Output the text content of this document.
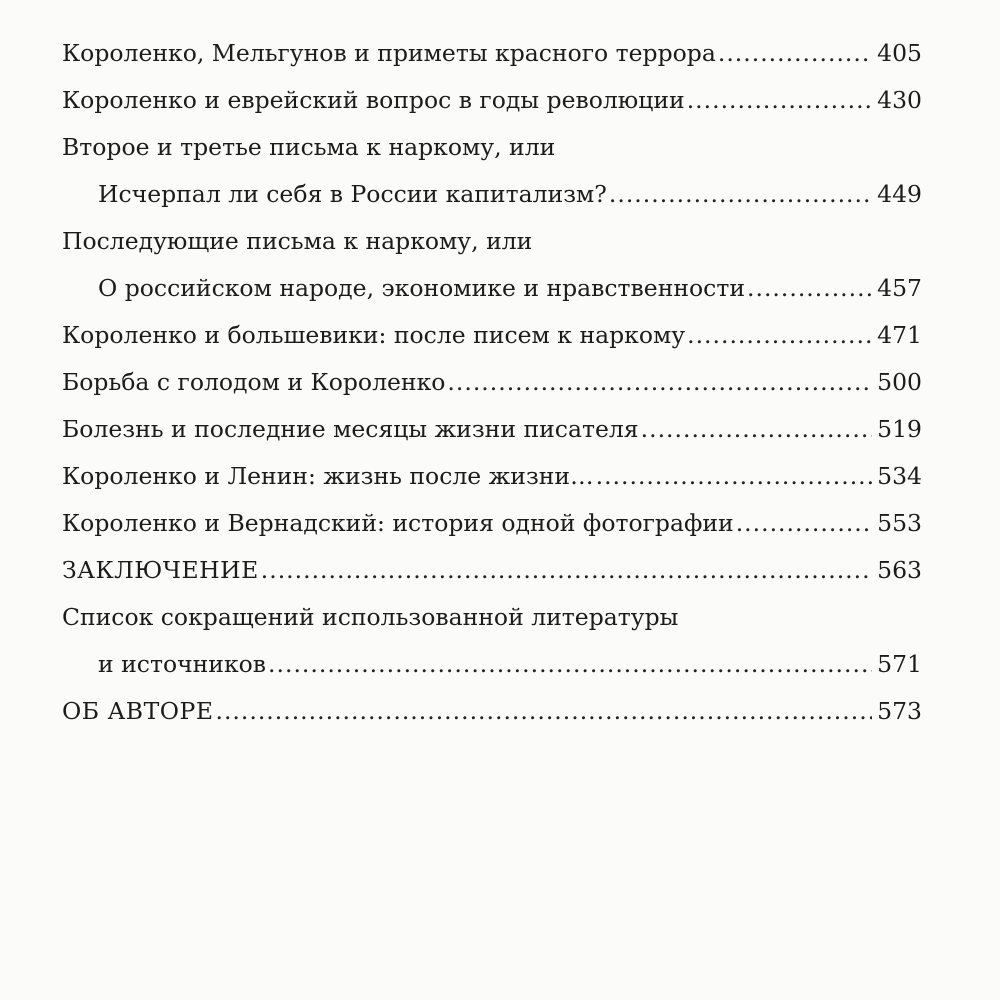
Короленко, Мельгунов и приметы красного террора .....	405
Короленко и еврейский вопрос в годы революции .....	430
Второе и третье письма к наркому, или
Исчерпал ли себя в России капитализм? .....	449
Последующие письма к наркому, или
О российском народе, экономике и нравственности .....	457
Короленко и большевики: после писем к наркому .....	471
Борьба с голодом и Короленко .....	500
Болезнь и последние месяцы жизни писателя .....	519
Короленко и Ленин: жизнь после жизни… .....	534
Короленко и Вернадский: история одной фотографии .....	553
ЗАКЛЮЧЕНИЕ .....	563
Список сокращений использованной литературы
и источников .....	571
ОБ АВТОРЕ .....	573
